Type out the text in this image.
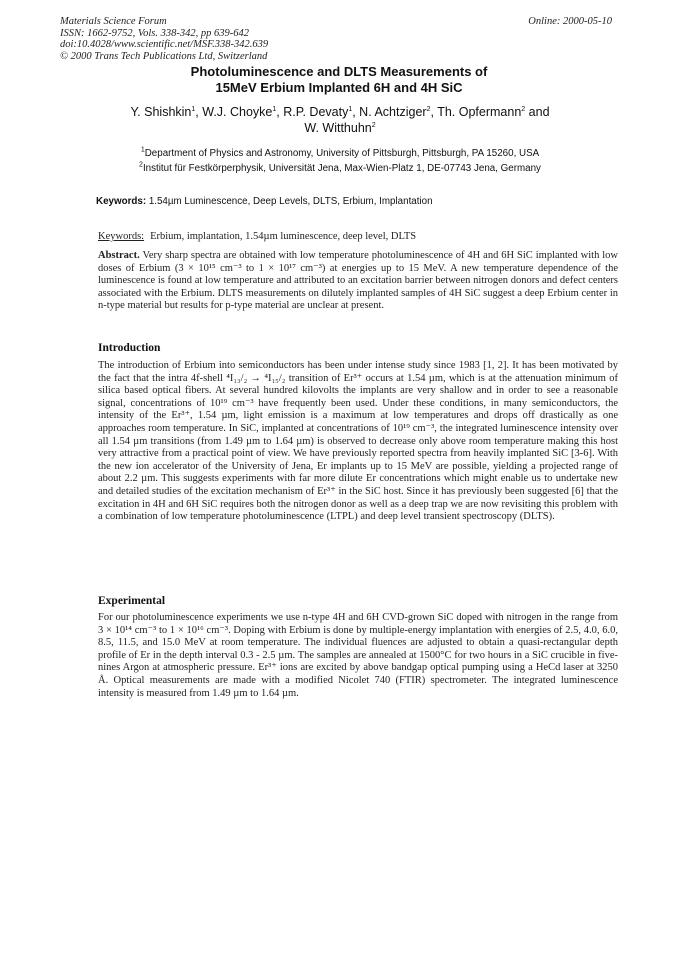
Materials Science Forum
ISSN: 1662-9752, Vols. 338-342, pp 639-642
doi:10.4028/www.scientific.net/MSF.338-342.639
© 2000 Trans Tech Publications Ltd, Switzerland
Online: 2000-05-10
Photoluminescence and DLTS Measurements of
15MeV Erbium Implanted 6H and 4H SiC
Y. Shishkin$^1$, W.J. Choyke$^1$, R.P. Devaty$^1$, N. Achtziger$^2$, Th. Opfermann$^2$ and
W. Witthuhn$^2$
$^1$Department of Physics and Astronomy, University of Pittsburgh, Pittsburgh, PA 15260, USA
$^2$Institut für Festkörperphysik, Universität Jena, Max-Wien-Platz 1, DE-07743 Jena, Germany
Keywords: 1.54µm Luminescence, Deep Levels, DLTS, Erbium, Implantation
Keywords: Erbium, implantation, 1.54µm luminescence, deep level, DLTS
Abstract. Very sharp spectra are obtained with low temperature photoluminescence of 4H and 6H SiC implanted with low doses of Erbium (3 × 10¹⁵ cm⁻³ to 1 × 10¹⁷ cm⁻³) at energies up to 15 MeV. A new temperature dependence of the luminescence is found at low temperature and attributed to an excitation barrier between nitrogen donors and defect centers associated with the Erbium. DLTS measurements on dilutely implanted samples of 4H SiC suggest a deep Erbium center in n-type material but results for p-type material are unclear at present.
Introduction
The introduction of Erbium into semiconductors has been under intense study since 1983 [1, 2]. It has been motivated by the fact that the intra 4f-shell ⁴I₁₃/₂ → ⁴I₁₅/₂ transition of Er³⁺ occurs at 1.54 µm, which is at the attenuation minimum of silica based optical fibers. At several hundred kilovolts the implants are very shallow and in order to see a reasonable signal, concentrations of 10¹⁹ cm⁻³ have frequently been used. Under these conditions, in many semiconductors, the intensity of the Er³⁺, 1.54 µm, light emission is a maximum at low temperatures and drops off drastically as one approaches room temperature. In SiC, implanted at concentrations of 10¹⁹ cm⁻³, the integrated luminescence intensity over all 1.54 µm transitions (from 1.49 µm to 1.64 µm) is observed to decrease only above room temperature making this host very attractive from a practical point of view. We have previously reported spectra from heavily implanted SiC [3-6]. With the new ion accelerator of the University of Jena, Er implants up to 15 MeV are possible, yielding a projected range of about 2.2 µm. This suggests experiments with far more dilute Er concentrations which might enable us to undertake new and detailed studies of the excitation mechanism of Er³⁺ in the SiC host. Since it has previously been suggested [6] that the excitation in 4H and 6H SiC requires both the nitrogen donor as well as a deep trap we are now revisiting this problem with a combination of low temperature photoluminescence (LTPL) and deep level transient spectroscopy (DLTS).
Experimental
For our photoluminescence experiments we use n-type 4H and 6H CVD-grown SiC doped with nitrogen in the range from 3 × 10¹⁴ cm⁻³ to 1 × 10¹⁶ cm⁻³. Doping with Erbium is done by multiple-energy implantation with energies of 2.5, 4.0, 6.0, 8.5, 11.5, and 15.0 MeV at room temperature. The individual fluences are adjusted to obtain a quasi-rectangular depth profile of Er in the depth interval 0.3 - 2.5 µm. The samples are annealed at 1500°C for two hours in a SiC crucible in five-nines Argon at atmospheric pressure. Er³⁺ ions are excited by above bandgap optical pumping using a HeCd laser at 3250 Å. Optical measurements are made with a modified Nicolet 740 (FTIR) spectrometer. The integrated luminescence intensity is measured from 1.49 µm to 1.64 µm.
